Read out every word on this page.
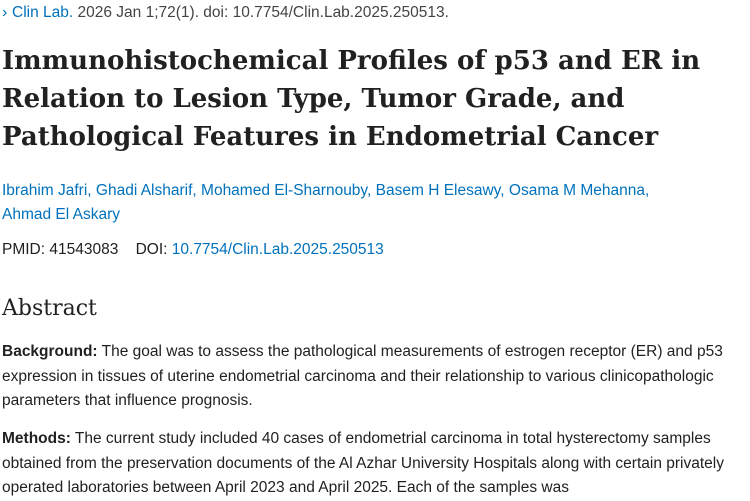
› Clin Lab. 2026 Jan 1;72(1). doi: 10.7754/Clin.Lab.2025.250513.
Immunohistochemical Profiles of p53 and ER in Relation to Lesion Type, Tumor Grade, and Pathological Features in Endometrial Cancer
Ibrahim Jafri, Ghadi Alsharif, Mohamed El-Sharnouby, Basem H Elesawy, Osama M Mehanna,
Ahmad El Askary
PMID: 41543083 DOI: 10.7754/Clin.Lab.2025.250513
Abstract

Background: The goal was to assess the pathological measurements of estrogen receptor (ER) and p53 expression in tissues of uterine endometrial carcinoma and their relationship to various clinicopathologic parameters that influence prognosis.

Methods: The current study included 40 cases of endometrial carcinoma in total hysterectomy samples obtained from the preservation documents of the Al Azhar University Hospitals along with certain privately operated laboratories between April 2023 and April 2025. Each of the samples was
